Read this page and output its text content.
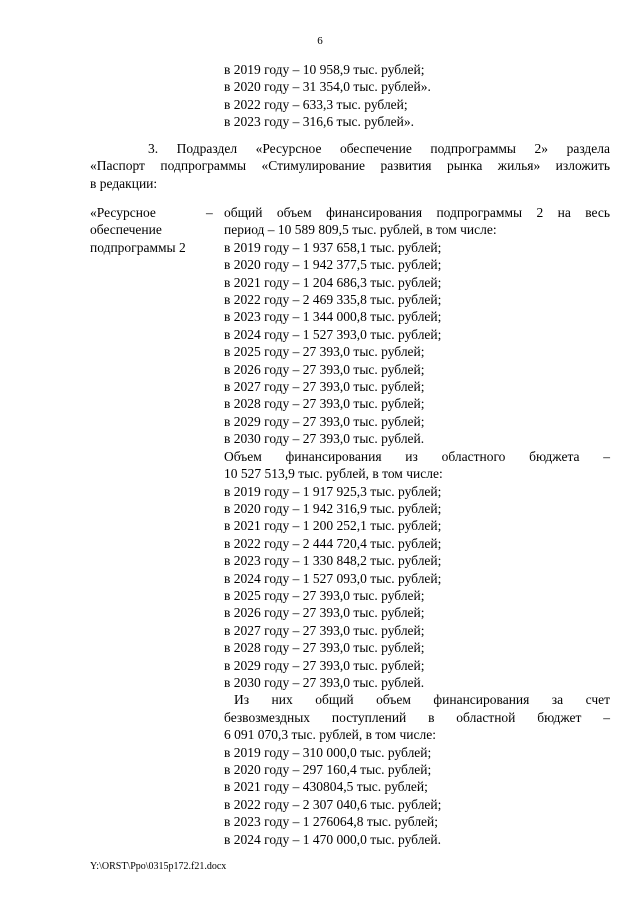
6
в 2019 году – 10 958,9 тыс. рублей;
в 2020 году – 31 354,0 тыс. рублей».
в 2022 году – 633,3 тыс. рублей;
в 2023 году – 316,6 тыс. рублей».
3. Подраздел «Ресурсное обеспечение подпрограммы 2» раздела
«Паспорт подпрограммы «Стимулирование развития рынка жилья» изложить
в редакции:
«Ресурсное
обеспечение
подпрограммы 2
– общий объем финансирования подпрограммы 2 на весь
период – 10 589 809,5 тыс. рублей, в том числе:
в 2019 году – 1 937 658,1 тыс. рублей;
в 2020 году – 1 942 377,5 тыс. рублей;
в 2021 году – 1 204 686,3 тыс. рублей;
в 2022 году – 2 469 335,8 тыс. рублей;
в 2023 году – 1 344 000,8 тыс. рублей;
в 2024 году – 1 527 393,0 тыс. рублей;
в 2025 году – 27 393,0 тыс. рублей;
в 2026 году – 27 393,0 тыс. рублей;
в 2027 году – 27 393,0 тыс. рублей;
в 2028 году – 27 393,0 тыс. рублей;
в 2029 году – 27 393,0 тыс. рублей;
в 2030 году – 27 393,0 тыс. рублей.
Объем финансирования из областного бюджета –
10 527 513,9 тыс. рублей, в том числе:
в 2019 году – 1 917 925,3 тыс. рублей;
в 2020 году – 1 942 316,9 тыс. рублей;
в 2021 году – 1 200 252,1 тыс. рублей;
в 2022 году – 2 444 720,4 тыс. рублей;
в 2023 году – 1 330 848,2 тыс. рублей;
в 2024 году – 1 527 093,0 тыс. рублей;
в 2025 году – 27 393,0 тыс. рублей;
в 2026 году – 27 393,0 тыс. рублей;
в 2027 году – 27 393,0 тыс. рублей;
в 2028 году – 27 393,0 тыс. рублей;
в 2029 году – 27 393,0 тыс. рублей;
в 2030 году – 27 393,0 тыс. рублей.
Из них общий объем финансирования за счет
безвозмездных поступлений в областной бюджет –
6 091 070,3 тыс. рублей, в том числе:
в 2019 году – 310 000,0 тыс. рублей;
в 2020 году – 297 160,4 тыс. рублей;
в 2021 году – 430804,5 тыс. рублей;
в 2022 году – 2 307 040,6 тыс. рублей;
в 2023 году – 1 276064,8 тыс. рублей;
в 2024 году – 1 470 000,0 тыс. рублей.
Y:\ORST\Ppo\0315p172.f21.docx
